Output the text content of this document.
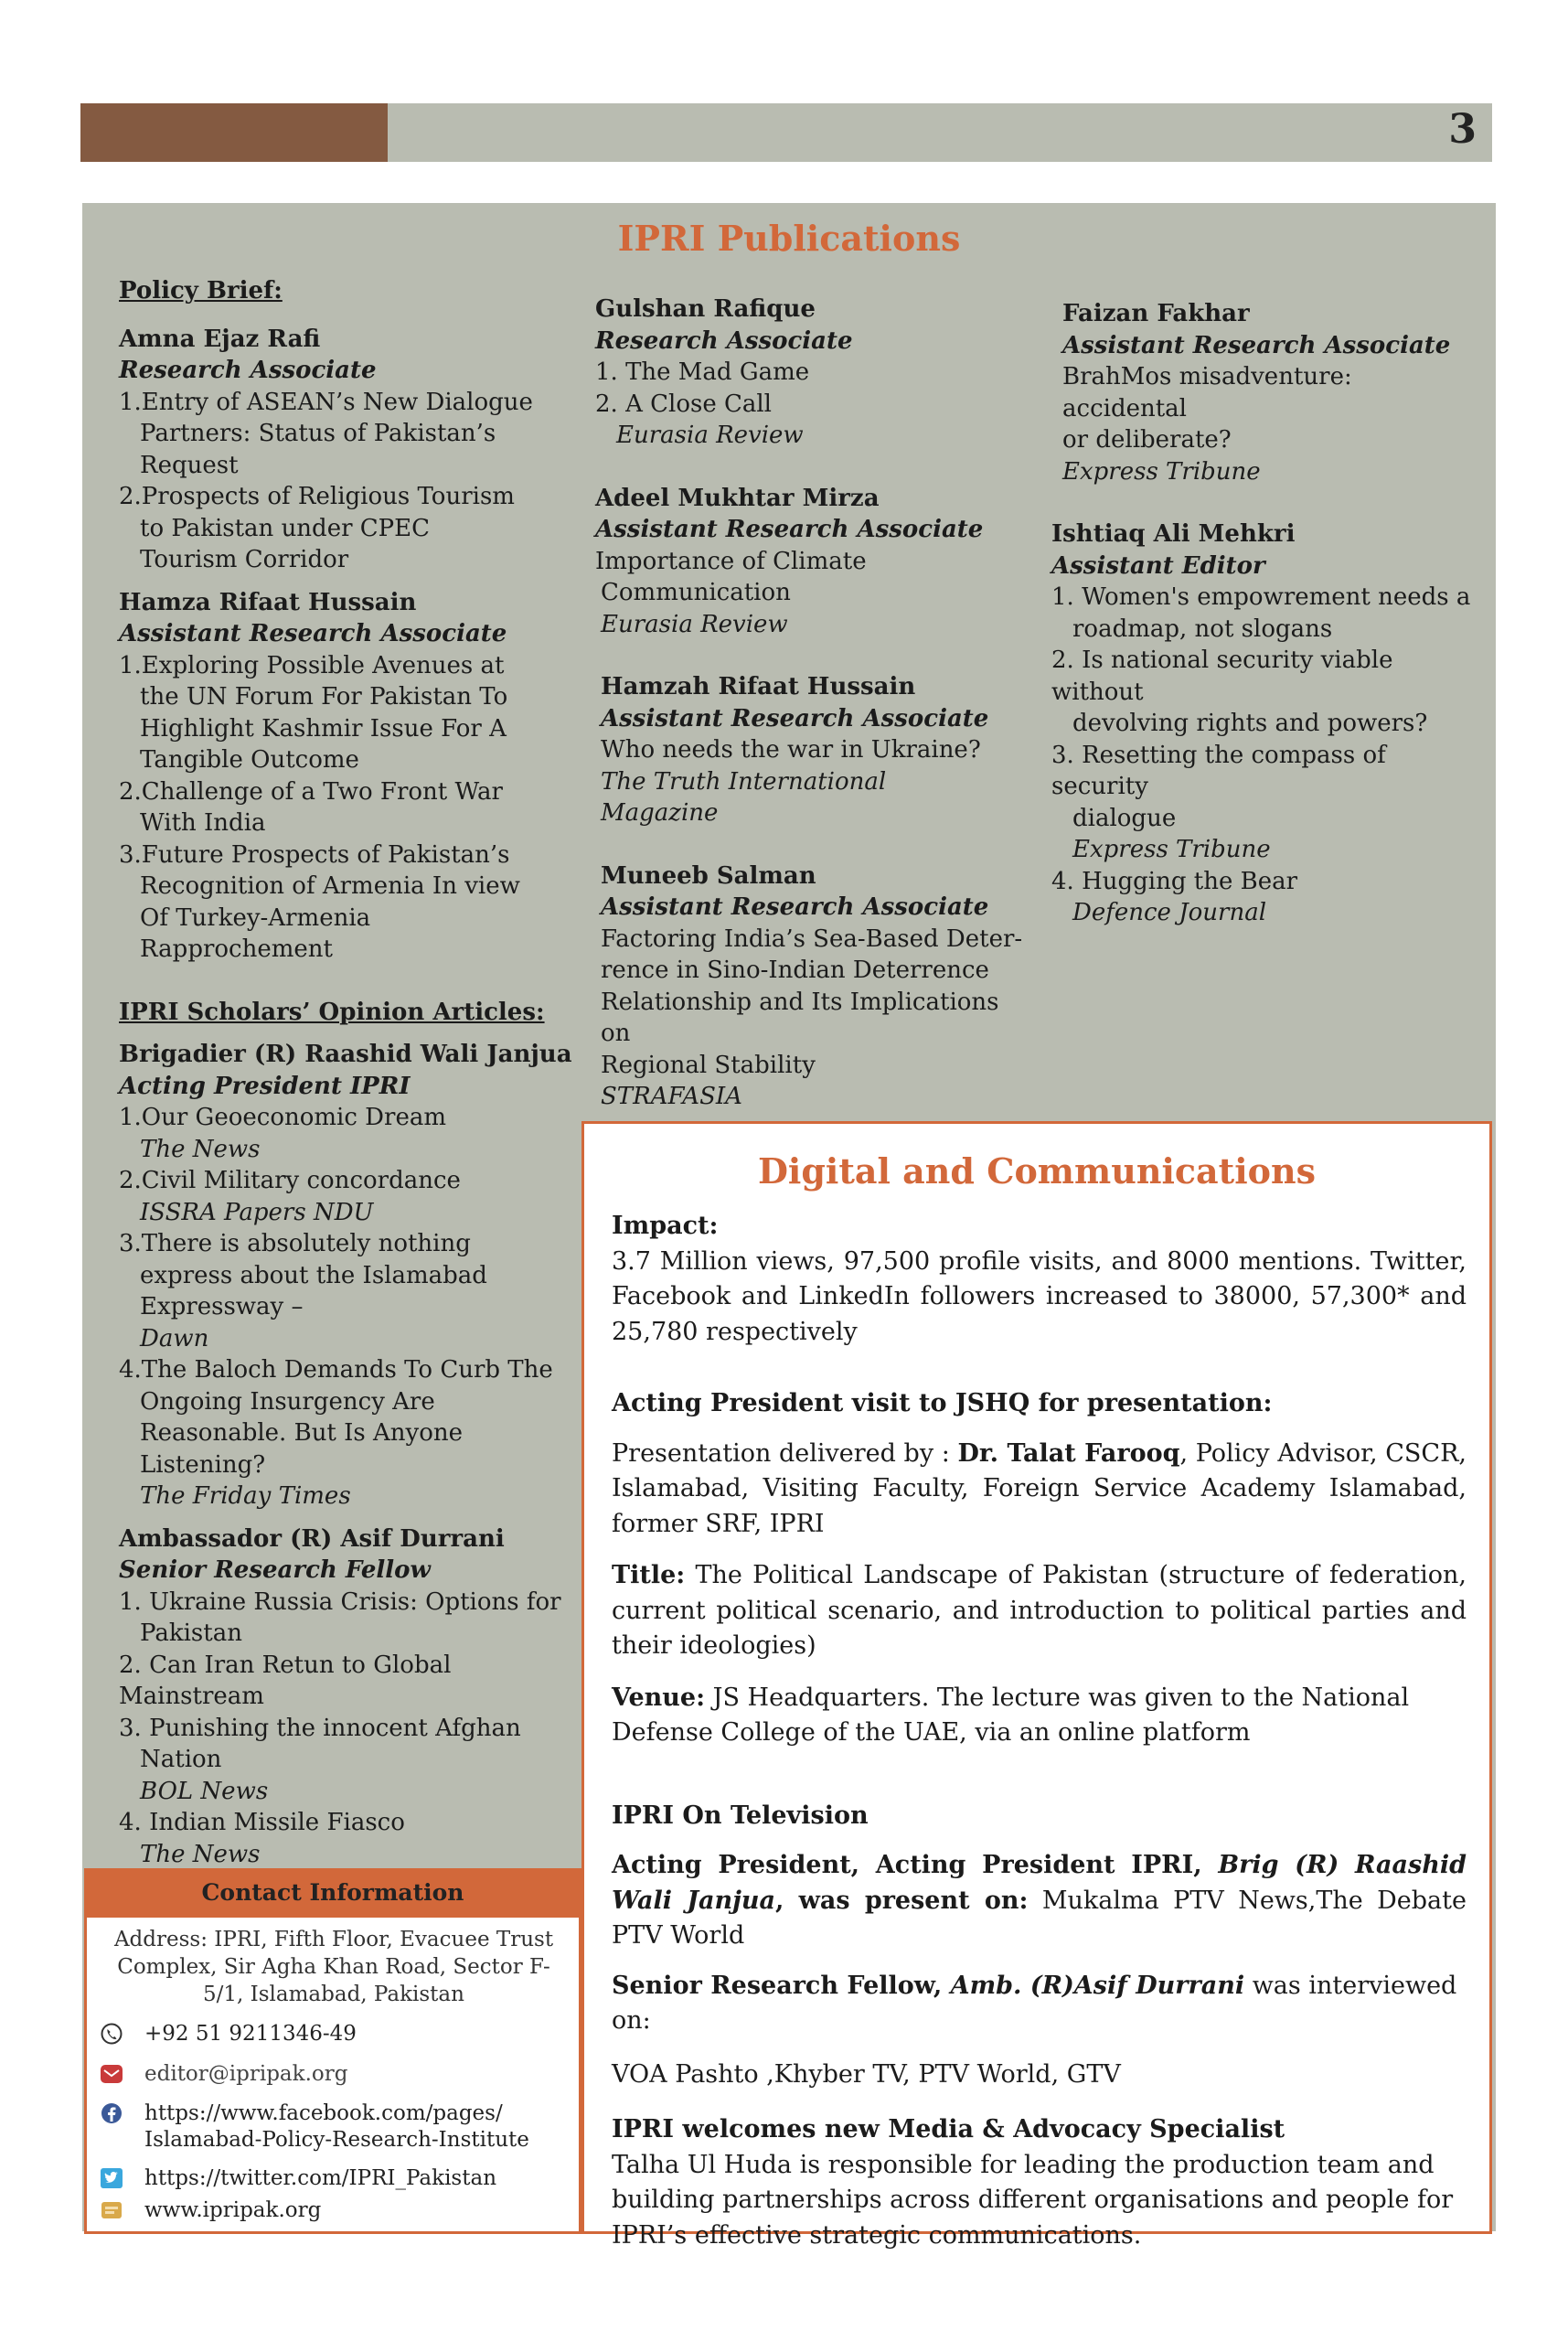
3
IPRI Publications

Policy Brief:

Amna Ejaz Rafi

Research Associate

1.Entry of ASEAN’s New Dialogue

Partners: Status of Pakistan’s

Request

2.Prospects of Religious Tourism

to Pakistan under CPEC

Tourism Corridor

Hamza Rifaat Hussain

Assistant Research Associate

1.Exploring Possible Avenues at

the UN Forum For Pakistan To

Highlight Kashmir Issue For A

Tangible Outcome

2.Challenge of a Two Front War

With India

3.Future Prospects of Pakistan’s

Recognition of Armenia In view

Of Turkey-Armenia

Rapprochement

IPRI Scholars’ Opinion Articles:

Brigadier (R) Raashid Wali Janjua

Acting President IPRI

1.Our Geoeconomic Dream

The News

2.Civil Military concordance

ISSRA Papers NDU

3.There is absolutely nothing

express about the Islamabad

Expressway –

Dawn

4.The Baloch Demands To Curb The

Ongoing Insurgency Are

Reasonable. But Is Anyone

Listening?

The Friday Times

Ambassador (R) Asif Durrani

Senior Research Fellow

1. Ukraine Russia Crisis: Options for

Pakistan

2. Can Iran Retun to Global Mainstream

3. Punishing the innocent Afghan

Nation

BOL News

4. Indian Missile Fiasco

The News

Gulshan Rafique

Research Associate

1. The Mad Game

2. A Close Call

Eurasia Review

Adeel Mukhtar Mirza

Assistant Research Associate

Importance of Climate

Communication

Eurasia Review

Hamzah Rifaat Hussain

Assistant Research Associate

Who needs the war in Ukraine?

The Truth International

Magazine

Muneeb Salman

Assistant Research Associate

Factoring India’s Sea-Based Deter-

rence in Sino-Indian Deterrence

Relationship and Its Implications on

Regional Stability

STRAFASIA

Faizan Fakhar

Assistant Research Associate

BrahMos misadventure: accidental

or deliberate?

Express Tribune

Ishtiaq Ali Mehkri

Assistant Editor

1. Women's empowrement needs a

roadmap, not slogans

2. Is national security viable without

devolving rights and powers?

3. Resetting the compass of security

dialogue

Express Tribune

4. Hugging the Bear

Defence Journal

Digital and Communications

Impact:

3.7 Million views, 97,500 profile visits, and 8000 mentions. Twitter, Facebook and LinkedIn followers increased to 38000, 57,300* and 25,780 respectively

Acting President visit to JSHQ for presentation:

Presentation delivered by : Dr. Talat Farooq, Policy Advisor, CSCR, Islamabad, Visiting Faculty, Foreign Service Academy Islamabad, former SRF, IPRI

Title: The Political Landscape of Pakistan (structure of federation, current political scenario, and introduction to political parties and their ideologies)

Venue: JS Headquarters. The lecture was given to the National Defense College of the UAE, via an online platform

IPRI On Television

Acting President, Acting President IPRI, Brig (R) Raashid Wali Janjua, was present on: Mukalma PTV News,The Debate PTV World

Senior Research Fellow, Amb. (R)Asif Durrani was interviewed on:

VOA Pashto ,Khyber TV, PTV World, GTV

IPRI welcomes new Media & Advocacy Specialist

Talha Ul Huda is responsible for leading the production team and building partnerships across different organisations and people for IPRI’s effective strategic communications.

Contact Information
Address: IPRI, Fifth Floor, Evacuee Trust Complex, Sir Agha Khan Road, Sector F-5/1, Islamabad, Pakistan
+92 51 9211346-49
editor@ipripak.org
https://www.facebook.com/pages/
Islamabad-Policy-Research-Institute
https://twitter.com/IPRI_Pakistan
www.ipripak.org
